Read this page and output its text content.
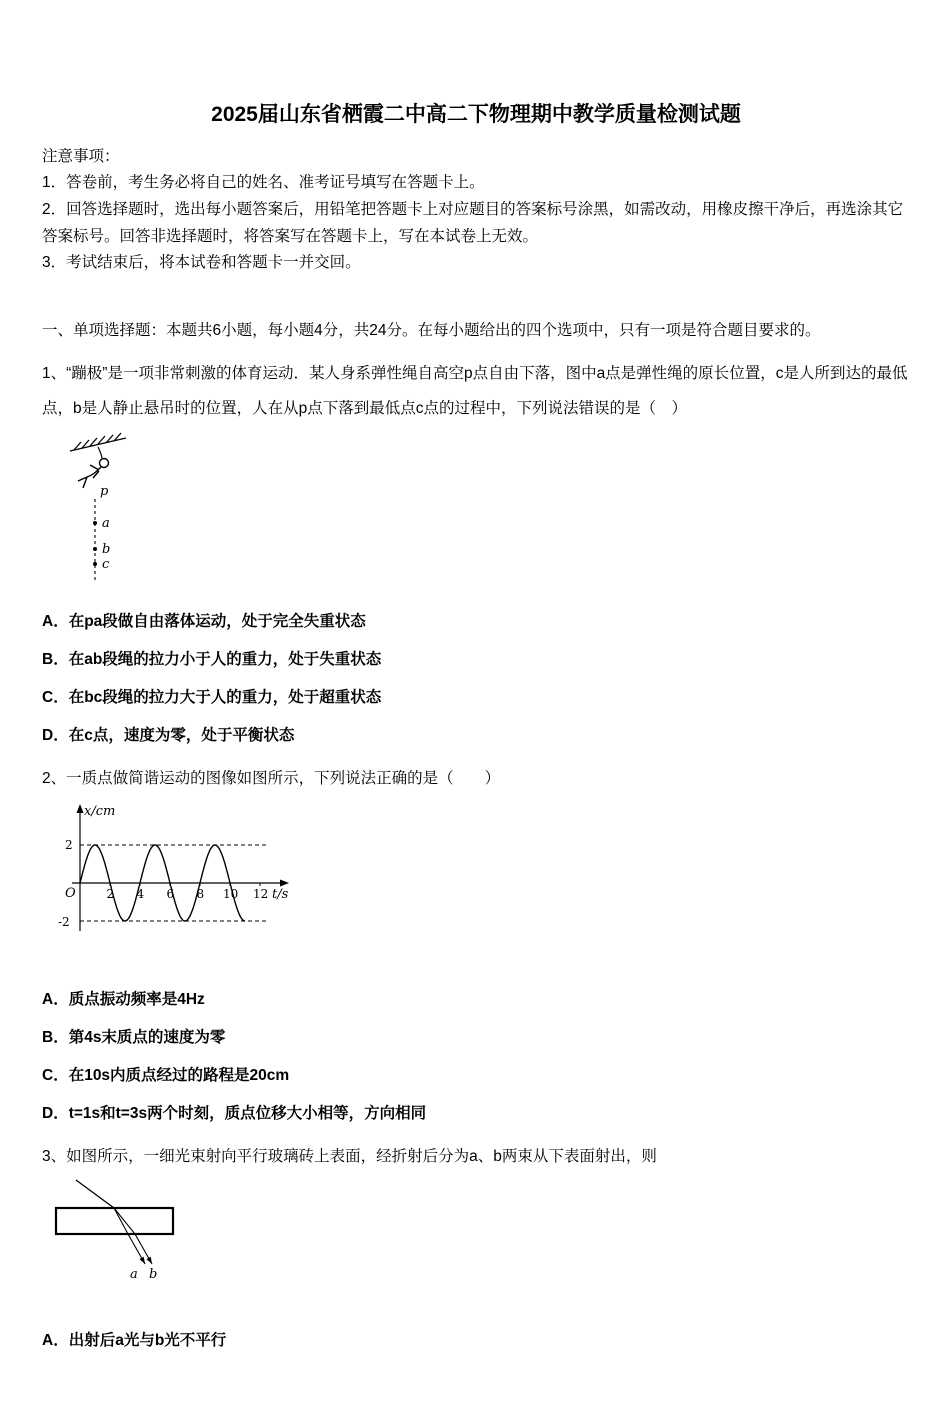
2025届山东省栖霞二中高二下物理期中教学质量检测试题
注意事项：
1．答卷前，考生务必将自己的姓名、准考证号填写在答题卡上。
2．回答选择题时，选出每小题答案后，用铅笔把答题卡上对应题目的答案标号涂黑，如需改动，用橡皮擦干净后，再选涂其它答案标号。回答非选择题时，将答案写在答题卡上，写在本试卷上无效。
3．考试结束后，将本试卷和答题卡一并交回。
一、单项选择题：本题共6小题，每小题4分，共24分。在每小题给出的四个选项中，只有一项是符合题目要求的。
1、“蹦极”是一项非常刺激的体育运动．某人身系弹性绳自高空p点自由下落，图中a点是弹性绳的原长位置，c是人所到达的最低点，b是人静止悬吊时的位置，人在从p点下落到最低点c点的过程中，下列说法错误的是（　）
p
a
b
c
A．在pa段做自由落体运动，处于完全失重状态
B．在ab段绳的拉力小于人的重力，处于失重状态
C．在bc段绳的拉力大于人的重力，处于超重状态
D．在c点，速度为零，处于平衡状态
2、一质点做简谐运动的图像如图所示，下列说法正确的是（　　）
x/cm
2
-2
O	t/s
2 4 6 8 10 12
A．质点振动频率是4Hz
B．第4s末质点的速度为零
C．在10s内质点经过的路程是20cm
D．t=1s和t=3s两个时刻，质点位移大小相等，方向相同
3、如图所示，一细光束射向平行玻璃砖上表面，经折射后分为a、b两束从下表面射出，则
a b
A．出射后a光与b光不平行
